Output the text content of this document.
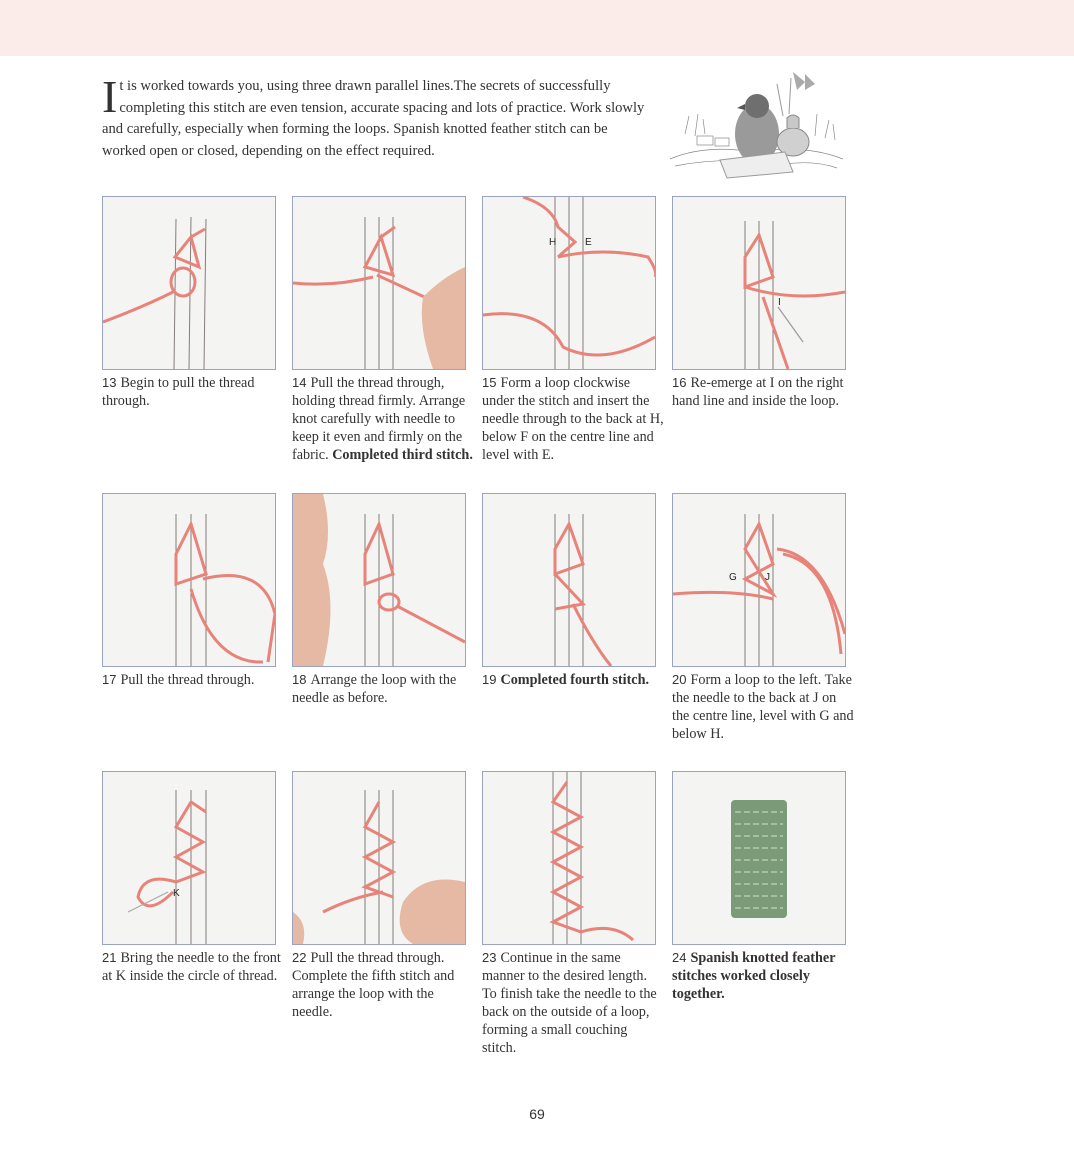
It is worked towards you, using three drawn parallel lines.The secrets of successfully completing this stitch are even tension, accurate spacing and lots of practice. Work slowly and carefully, especially when forming the loops. Spanish knotted feather stitch can be worked open or closed, depending on the effect required.
13 Begin to pull the thread through.
14 Pull the thread through, holding thread firmly. Arrange knot carefully with needle to keep it even and firmly on the fabric. Completed third stitch.
H	E
15 Form a loop clockwise under the stitch and insert the needle through to the back at H, below F on the centre line and level with E.
I
16 Re-emerge at I on the right hand line and inside the loop.
17 Pull the thread through.	18 Arrange the loop with the needle as before.
19 Completed fourth stitch.
G	J
20 Form a loop to the left. Take the needle to the back at J on the centre line, level with G and below H.
K
21 Bring the needle to the front at K inside the circle of thread.
22 Pull the thread through. Complete the fifth stitch and arrange the loop with the needle.
23 Continue in the same manner to the desired length. To finish take the needle to the back on the outside of a loop, forming a small couching stitch.
24 Spanish knotted feather stitches worked closely together.
69
